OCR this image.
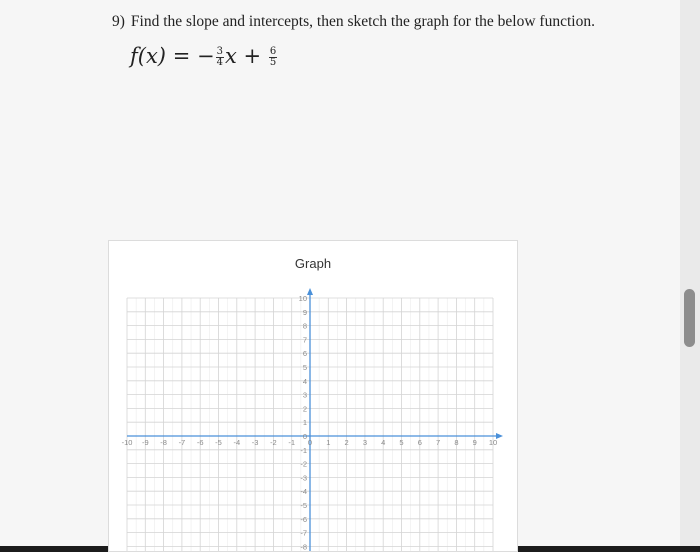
9) Find the slope and intercepts, then sketch the graph for the below function.
f(x) = − $\frac{3}{4}$ $x + \frac{6}{5}$
Graph
-10 -9 -8 -7 -6 -5 -4 -3 -2 -1 0 1 2 3 4 5 6 7 8 9 10
10
9
8
7
6
5
4
3
2
1
0
-1
-2
-3
-4
-5
-6
-7
-8
